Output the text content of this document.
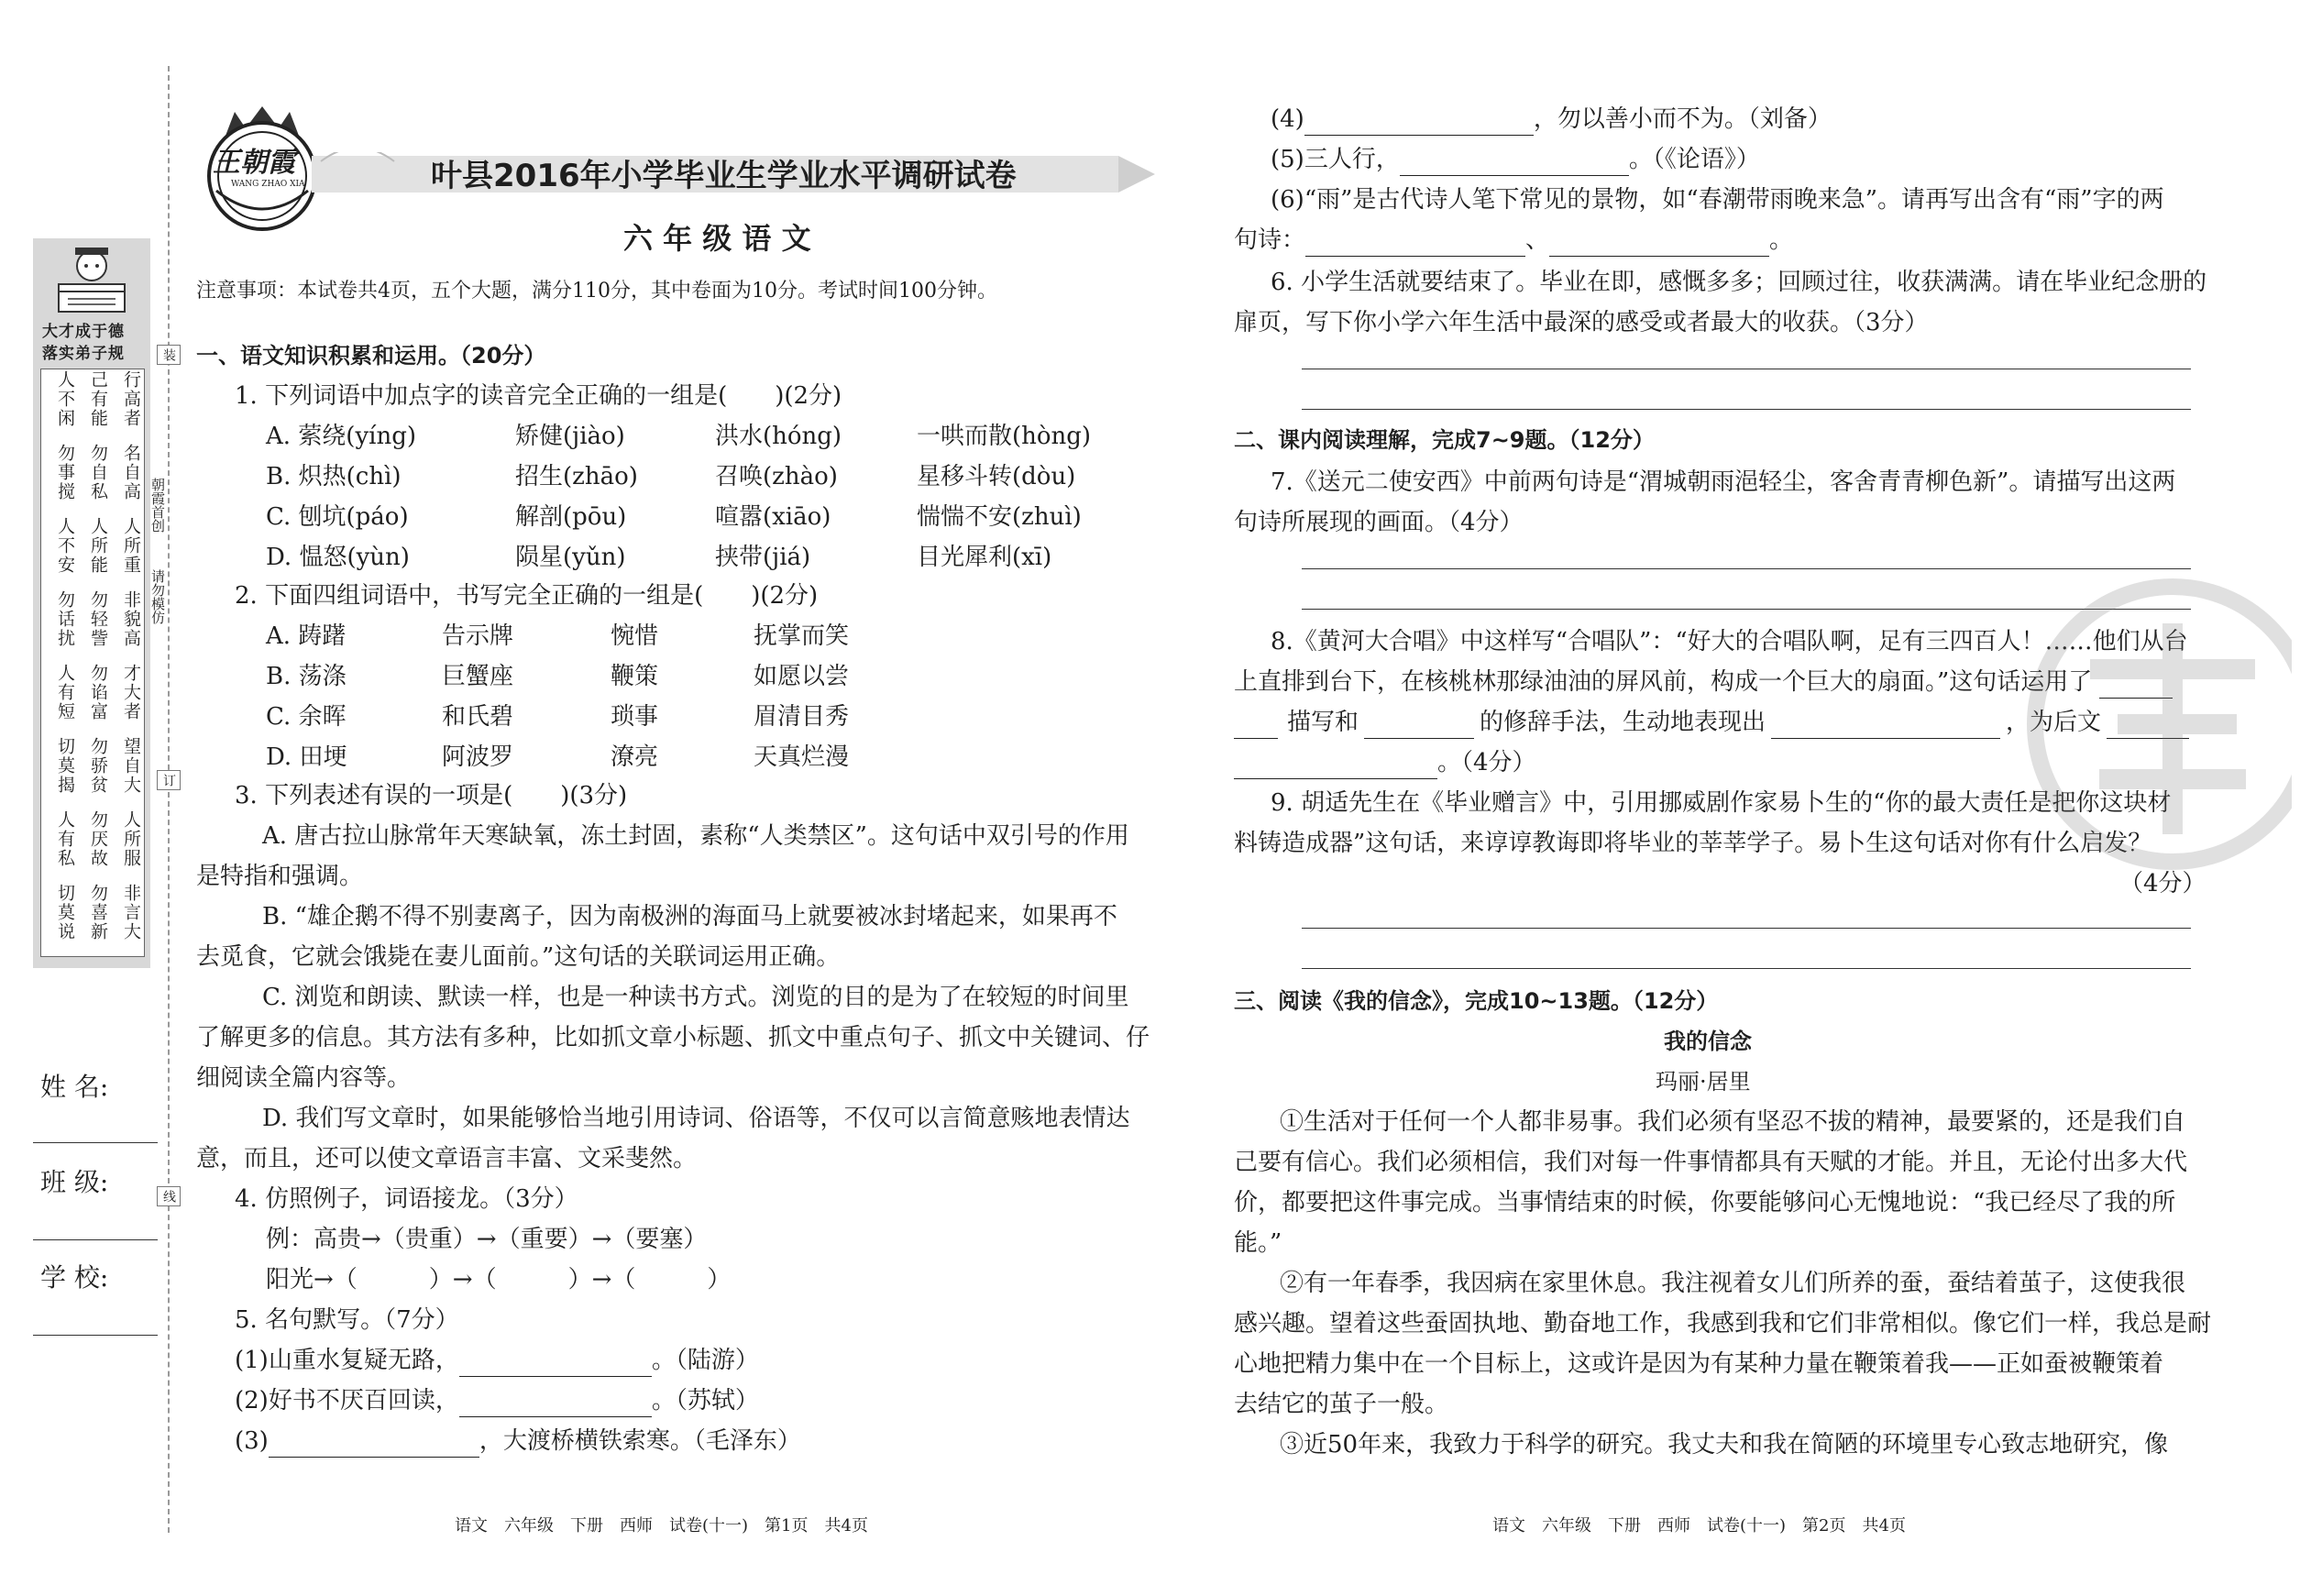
装
订
线
大才成于德
落实弟子规
行高者
己有能
人不闲
名自高
勿自私
勿事搅
人所重
人所能
人不安
非貌高
勿轻訾
勿话扰
才大者
勿谄富
人有短
望自大
勿骄贫
切莫揭
人所服
勿厌故
人有私
非言大
勿喜新
切莫说
朝霞首创
请勿模仿
姓 名:
班 级:
学 校:
王朝霞
WANG ZHAO XIA	叶县2016年小学毕业生学业水平调研试卷
六 年 级 语 文
注意事项：本试卷共4页，五个大题，满分110分，其中卷面为10分。考试时间100分钟。
一、语文知识积累和运用。（20分）
1. 下列词语中加点字的读音完全正确的一组是(　　)(2分)
A. 萦绕(yíng)	矫健(jiào)	洪水(hóng)	一哄而散(hòng)
B. 炽热(chì)	招生(zhāo)	召唤(zhào)	星移斗转(dòu)
C. 刨坑(páo)	解剖(pōu)	喧嚣(xiāo)	惴惴不安(zhuì)
D. 愠怒(yùn)	陨星(yǔn)	挟带(jiá)	目光犀利(xī)
2. 下面四组词语中，书写完全正确的一组是(　　)(2分)
A. 踌躇	告示牌	惋惜	抚掌而笑
B. 荡涤	巨蟹座	鞭策	如愿以尝
C. 余晖	和氏碧	琐事	眉清目秀
D. 田埂	阿波罗	潦亮	天真烂漫
3. 下列表述有误的一项是(　　)(3分)
A. 唐古拉山脉常年天寒缺氧，冻土封固，素称“人类禁区”。这句话中双引号的作用
是特指和强调。
B. “雄企鹅不得不别妻离子，因为南极洲的海面马上就要被冰封堵起来，如果再不
去觅食，它就会饿毙在妻儿面前。”这句话的关联词运用正确。
C. 浏览和朗读、默读一样，也是一种读书方式。浏览的目的是为了在较短的时间里
了解更多的信息。其方法有多种，比如抓文章小标题、抓文中重点句子、抓文中关键词、仔
细阅读全篇内容等。
D. 我们写文章时，如果能够恰当地引用诗词、俗语等，不仅可以言简意赅地表情达
意，而且，还可以使文章语言丰富、文采斐然。
4. 仿照例子，词语接龙。（3分）
例：高贵→（贵重）→（重要）→（要塞）
阳光→（　　　）→（　　　）→（　　　）
5. 名句默写。（7分）
(1)山重水复疑无路，	。（陆游）
(2)好书不厌百回读，	。（苏轼）
(3)	，大渡桥横铁索寒。（毛泽东）
语文　六年级　下册　西师　试卷(十一)　第1页　共4页
(4)	，勿以善小而不为。（刘备）
(5)三人行，	。（《论语》）
(6)“雨”是古代诗人笔下常见的景物，如“春潮带雨晚来急”。请再写出含有“雨”字的两
句诗：	、	。
6. 小学生活就要结束了。毕业在即，感慨多多；回顾过往，收获满满。请在毕业纪念册的
扉页，写下你小学六年生活中最深的感受或者最大的收获。（3分）
二、课内阅读理解，完成7~9题。（12分）
7.《送元二使安西》中前两句诗是“渭城朝雨浥轻尘，客舍青青柳色新”。请描写出这两
句诗所展现的画面。（4分）
8.《黄河大合唱》中这样写“合唱队”：“好大的合唱队啊，足有三四百人！……他们从台
上直排到台下，在核桃林那绿油油的屏风前，构成一个巨大的扇面。”这句话运用了
描写和	的修辞手法，生动地表现出	，为后文
。（4分）
9. 胡适先生在《毕业赠言》中，引用挪威剧作家易卜生的“你的最大责任是把你这块材
料铸造成器”这句话，来谆谆教诲即将毕业的莘莘学子。易卜生这句话对你有什么启发？
（4分）
三、阅读《我的信念》，完成10~13题。（12分）
我的信念
玛丽·居里
①生活对于任何一个人都非易事。我们必须有坚忍不拔的精神，最要紧的，还是我们自
己要有信心。我们必须相信，我们对每一件事情都具有天赋的才能。并且，无论付出多大代
价，都要把这件事完成。当事情结束的时候，你要能够问心无愧地说：“我已经尽了我的所
能。”
②有一年春季，我因病在家里休息。我注视着女儿们所养的蚕，蚕结着茧子，这使我很
感兴趣。望着这些蚕固执地、勤奋地工作，我感到我和它们非常相似。像它们一样，我总是耐
心地把精力集中在一个目标上，这或许是因为有某种力量在鞭策着我——正如蚕被鞭策着
去结它的茧子一般。
③近50年来，我致力于科学的研究。我丈夫和我在简陋的环境里专心致志地研究，像
语文　六年级　下册　西师　试卷(十一)　第2页　共4页
